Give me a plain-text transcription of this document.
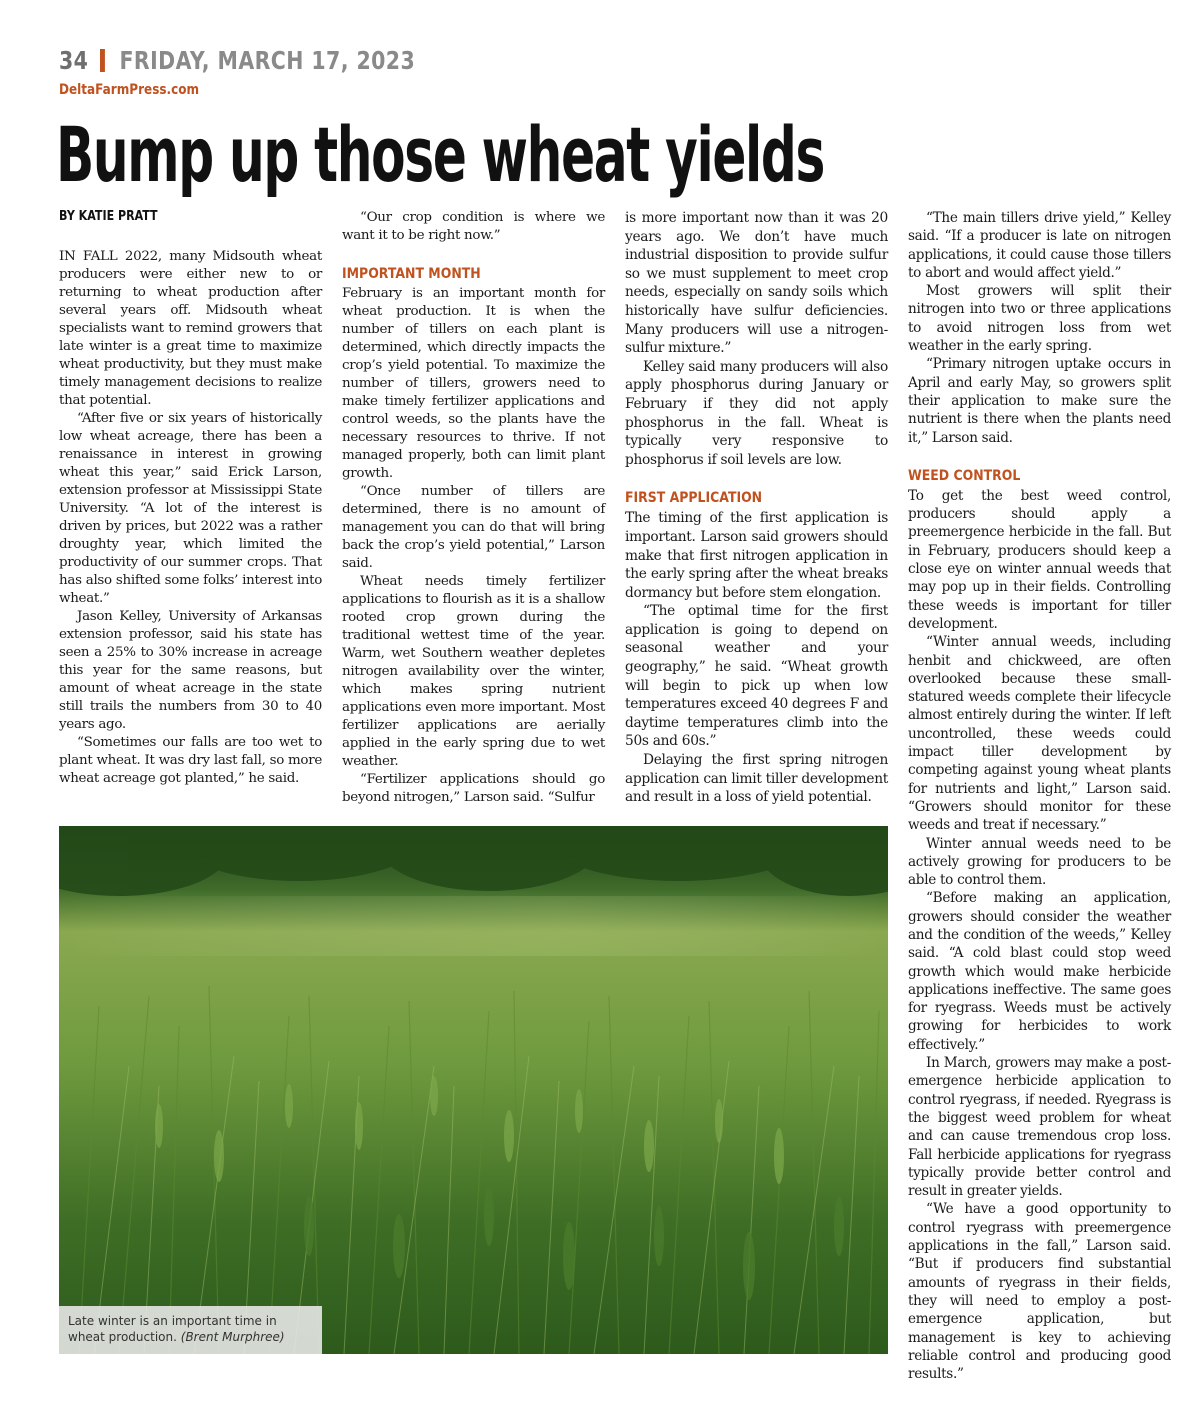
34 FRIDAY, MARCH 17, 2023
DeltaFarmPress.com
Bump up those wheat yields
BY KATIE PRATT

IN FALL 2022, many Midsouth wheat producers were either new to or returning to wheat production after several years off. Midsouth wheat specialists want to remind growers that late winter is a great time to maximize wheat productivity, but they must make timely management decisions to realize that potential.

“After five or six years of historically low wheat acreage, there has been a renaissance in interest in growing wheat this year,” said Erick Larson, extension professor at Mississippi State University. “A lot of the interest is driven by prices, but 2022 was a rather droughty year, which limited the productivity of our summer crops. That has also shifted some folks’ interest into wheat.”

Jason Kelley, University of Arkansas extension professor, said his state has seen a 25% to 30% increase in acreage this year for the same reasons, but amount of wheat acreage in the state still trails the numbers from 30 to 40 years ago.

“Sometimes our falls are too wet to plant wheat. It was dry last fall, so more wheat acreage got planted,” he said.

“Our crop condition is where we want it to be right now.”

IMPORTANT MONTH

February is an important month for wheat production. It is when the number of tillers on each plant is determined, which directly impacts the crop’s yield potential. To maximize the number of tillers, growers need to make timely fertilizer applications and control weeds, so the plants have the necessary resources to thrive. If not managed properly, both can limit plant growth.

“Once number of tillers are determined, there is no amount of management you can do that will bring back the crop’s yield potential,” Larson said.

Wheat needs timely fertilizer applications to flourish as it is a shallow rooted crop grown during the traditional wettest time of the year. Warm, wet Southern weather depletes nitrogen availability over the winter, which makes spring nutrient applications even more important. Most fertilizer applications are aerially applied in the early spring due to wet weather.

“Fertilizer applications should go beyond nitrogen,” Larson said. “Sulfur

is more important now than it was 20 years ago. We don’t have much industrial disposition to provide sulfur so we must supplement to meet crop needs, especially on sandy soils which historically have sulfur deficiencies. Many producers will use a nitrogen-sulfur mixture.”

Kelley said many producers will also apply phosphorus during January or February if they did not apply phosphorus in the fall. Wheat is typically very responsive to phosphorus if soil levels are low.

FIRST APPLICATION

The timing of the first application is important. Larson said growers should make that first nitrogen application in the early spring after the wheat breaks dormancy but before stem elongation.

“The optimal time for the first application is going to depend on seasonal weather and your geography,” he said. “Wheat growth will begin to pick up when low temperatures exceed 40 degrees F and daytime temperatures climb into the 50s and 60s.”

Delaying the first spring nitrogen application can limit tiller development and result in a loss of yield potential.

“The main tillers drive yield,” Kelley said. “If a producer is late on nitrogen applications, it could cause those tillers to abort and would affect yield.”

Most growers will split their nitrogen into two or three applications to avoid nitrogen loss from wet weather in the early spring.

“Primary nitrogen uptake occurs in April and early May, so growers split their application to make sure the nutrient is there when the plants need it,” Larson said.

WEED CONTROL

To get the best weed control, producers should apply a preemergence herbicide in the fall. But in February, producers should keep a close eye on winter annual weeds that may pop up in their fields. Controlling these weeds is important for tiller development.

“Winter annual weeds, including henbit and chickweed, are often overlooked because these small-statured weeds complete their lifecycle almost entirely during the winter. If left uncontrolled, these weeds could impact tiller development by competing against young wheat plants for nutrients and light,” Larson said. “Growers should monitor for these weeds and treat if necessary.”

Winter annual weeds need to be actively growing for producers to be able to control them.

“Before making an application, growers should consider the weather and the condition of the weeds,” Kelley said. “A cold blast could stop weed growth which would make herbicide applications ineffective. The same goes for ryegrass. Weeds must be actively growing for herbicides to work effectively.”

In March, growers may make a post-emergence herbicide application to control ryegrass, if needed. Ryegrass is the biggest weed problem for wheat and can cause tremendous crop loss. Fall herbicide applications for ryegrass typically provide better control and result in greater yields.

“We have a good opportunity to control ryegrass with preemergence applications in the fall,” Larson said. “But if producers find substantial amounts of ryegrass in their fields, they will need to employ a post-emergence application, but management is key to achieving reliable control and producing good results.”

Late winter is an important time in wheat production. (Brent Murphree)
